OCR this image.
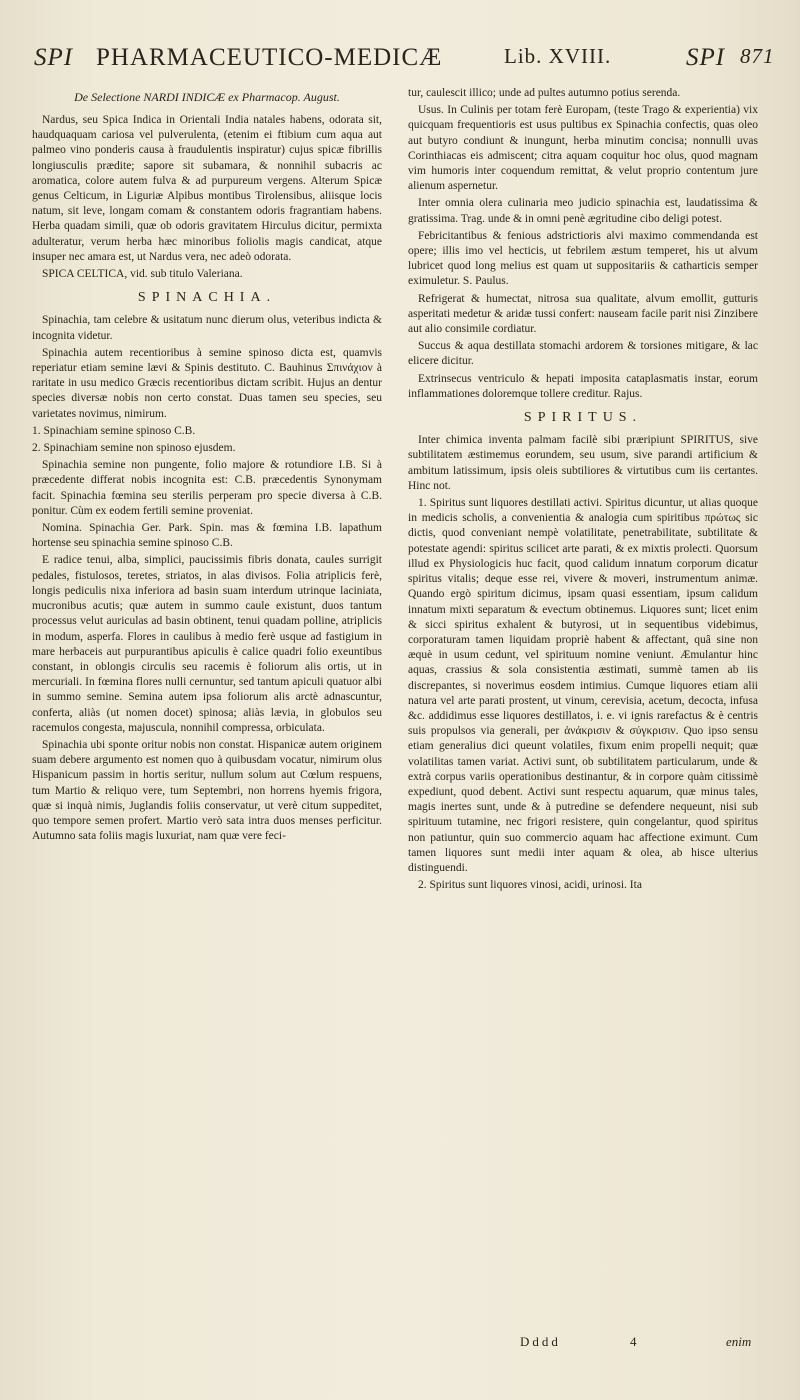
SPI PHARMACEUTICO-MEDICÆ	Lib. XVIII.	SPI 871
De Selectione NARDI INDICÆ ex Pharmacop. August.

Nardus, seu Spica Indica in Orientali India natales habens, odorata sit, haudquaquam cariosa vel pulverulenta, (etenim ei ftibium cum aqua aut palmeo vino ponderis causa à fraudulentis inspiratur) cujus spicæ fibrillis longiusculis prædite; sapore sit subamara, & nonnihil subacris ac aromatica, colore autem fulva & ad purpureum vergens. Alterum Spicæ genus Celticum, in Liguriæ Alpibus montibus Tirolensibus, aliisque locis natum, sit leve, longam comam & constantem odoris fragrantiam habens. Herba quadam simili, quæ ob odoris gravitatem Hirculus dicitur, permixta adulteratur, verum herba hæc minoribus foliolis magis candicat, atque insuper nec amara est, ut Nardus vera, nec adeò odorata.

SPICA CELTICA, vid. sub titulo Valeriana.

SPINACHIA.

Spinachia, tam celebre & usitatum nunc dierum olus, veteribus indicta & incognita videtur.

Spinachia autem recentioribus à semine spinoso dicta est, quamvis reperiatur etiam semine lævi & Spinis destituto. C. Bauhinus Σπινάχιον à raritate in usu medico Græcis recentioribus dictam scribit. Hujus an dentur species diversæ nobis non certo constat. Duas tamen seu species, seu varietates novimus, nimirum.

1. Spinachiam semine spinoso C.B.

2. Spinachiam semine non spinoso ejusdem.

Spinachia semine non pungente, folio majore & rotundiore I.B. Si à præcedente differat nobis incognita est: C.B. præcedentis Synonymam facit. Spinachia fœmina seu sterilis perperam pro specie diversa à C.B. ponitur. Cùm ex eodem fertili semine proveniat.

Nomina. Spinachia Ger. Park. Spin. mas & fœmina I.B. lapathum hortense seu spinachia semine spinoso C.B.

E radice tenui, alba, simplici, paucissimis fibris donata, caules surrigit pedales, fistulosos, teretes, striatos, in alas divisos. Folia atriplicis ferè, longis pediculis nixa inferiora ad basin suam interdum utrinque laciniata, mucronibus acutis; quæ autem in summo caule existunt, duos tantum processus velut auriculas ad basin obtinent, tenui quadam polline, atriplicis in modum, asperfa. Flores in caulibus à medio ferè usque ad fastigium in mare herbaceis aut purpurantibus apiculis è calice quadri folio exeuntibus constant, in oblongis circulis seu racemis è foliorum alis ortis, ut in mercuriali. In fœmina flores nulli cernuntur, sed tantum apiculi quatuor albi in summo semine. Semina autem ipsa foliorum alis arctè adnascuntur, conferta, aliàs (ut nomen docet) spinosa; aliàs lævia, in globulos seu racemulos congesta, majuscula, nonnihil compressa, orbiculata.

Spinachia ubi sponte oritur nobis non constat. Hispanicæ autem originem suam debere argumento est nomen quo à quibusdam vocatur, nimirum olus Hispanicum passim in hortis seritur, nullum solum aut Cœlum respuens, tum Martio & reliquo vere, tum Septembri, non horrens hyemis frigora, quæ si inquà nimis, Juglandis foliis conservatur, ut verè citum suppeditet, quo tempore semen profert. Martio verò sata intra duos menses perficitur. Autumno sata foliis magis luxuriat, nam quæ vere feci-

tur, caulescit illico; unde ad pultes autumno potius serenda.

Usus. In Culinis per totam ferè Europam, (teste Trago & experientia) vix quicquam frequentioris est usus pultibus ex Spinachia confectis, quas oleo aut butyro condiunt & inungunt, herba minutim concisa; nonnulli uvas Corinthiacas eis admiscent; citra aquam coquitur hoc olus, quod magnam vim humoris inter coquendum remittat, & velut proprio contentum jure alienum aspernetur.

Inter omnia olera culinaria meo judicio spinachia est, laudatissima & gratissima. Trag. unde & in omni penè ægritudine cibo deligi potest.

Febricitantibus & fenious adstrictioris alvi maximo commendanda est opere; illis imo vel hecticis, ut febrilem æstum temperet, his ut alvum lubricet quod long melius est quam ut suppositariis & catharticis semper eximuletur. S. Paulus.

Refrigerat & humectat, nitrosa sua qualitate, alvum emollit, gutturis asperitati medetur & aridæ tussi confert: nauseam facile parit nisi Zinzibere aut alio consimile cordiatur.

Succus & aqua destillata stomachi ardorem & torsiones mitigare, & lac elicere dicitur.

Extrinsecus ventriculo & hepati imposita cataplasmatis instar, eorum inflammationes doloremque tollere creditur. Rajus.

SPIRITUS.

Inter chimica inventa palmam facilè sibi præripiunt SPIRITUS, sive subtilitatem æstimemus eorundem, seu usum, sive parandi artificium & ambitum latissimum, ipsis oleis subtiliores & virtutibus cum iis certantes. Hinc not.

1. Spiritus sunt liquores destillati activi. Spiritus dicuntur, ut alias quoque in medicis scholis, a convenientia & analogia cum spiritibus πρώτως sic dictis, quod conveniant nempè volatilitate, penetrabilitate, subtilitate & potestate agendi: spiritus scilicet arte parati, & ex mixtis prolecti. Quorsum illud ex Physiologicis huc facit, quod calidum innatum corporum dicatur spiritus vitalis; deque esse rei, vivere & moveri, instrumentum animæ. Quando ergò spiritum dicimus, ipsam quasi essentiam, ipsum calidum innatum mixti separatum & evectum obtinemus. Liquores sunt; licet enim & sicci spiritus exhalent & butyrosi, ut in sequentibus videbimus, corporaturam tamen liquidam propriè habent & affectant, quâ sine non æquè in usum cedunt, vel spirituum nomine veniunt. Æmulantur hinc aquas, crassius & sola consistentia æstimati, summè tamen ab iis discrepantes, si noverimus eosdem intimius. Cumque liquores etiam alii natura vel arte parati prostent, ut vinum, cerevisia, acetum, decocta, infusa &c. addidimus esse liquores destillatos, i. e. vi ignis rarefactus & è centris suis propulsos via generali, per ἀνάκρισιν & σύγκρισιν. Quo ipso sensu etiam generalius dici queunt volatiles, fixum enim propelli nequit; quæ volatilitas tamen variat. Activi sunt, ob subtilitatem particularum, unde & extrà corpus variis operationibus destinantur, & in corpore quàm citissimè expediunt, quod debent. Activi sunt respectu aquarum, quæ minus tales, magis inertes sunt, unde & à putredine se defendere nequeunt, nisi sub spirituum tutamine, nec frigori resistere, quin congelantur, quod spiritus non patiuntur, quin suo commercio aquam hac affectione eximunt. Cum tamen liquores sunt medii inter aquam & olea, ab hisce ulterius distinguendi.

2. Spiritus sunt liquores vinosi, acidi, urinosi. Ita

Dddd	4	enim
